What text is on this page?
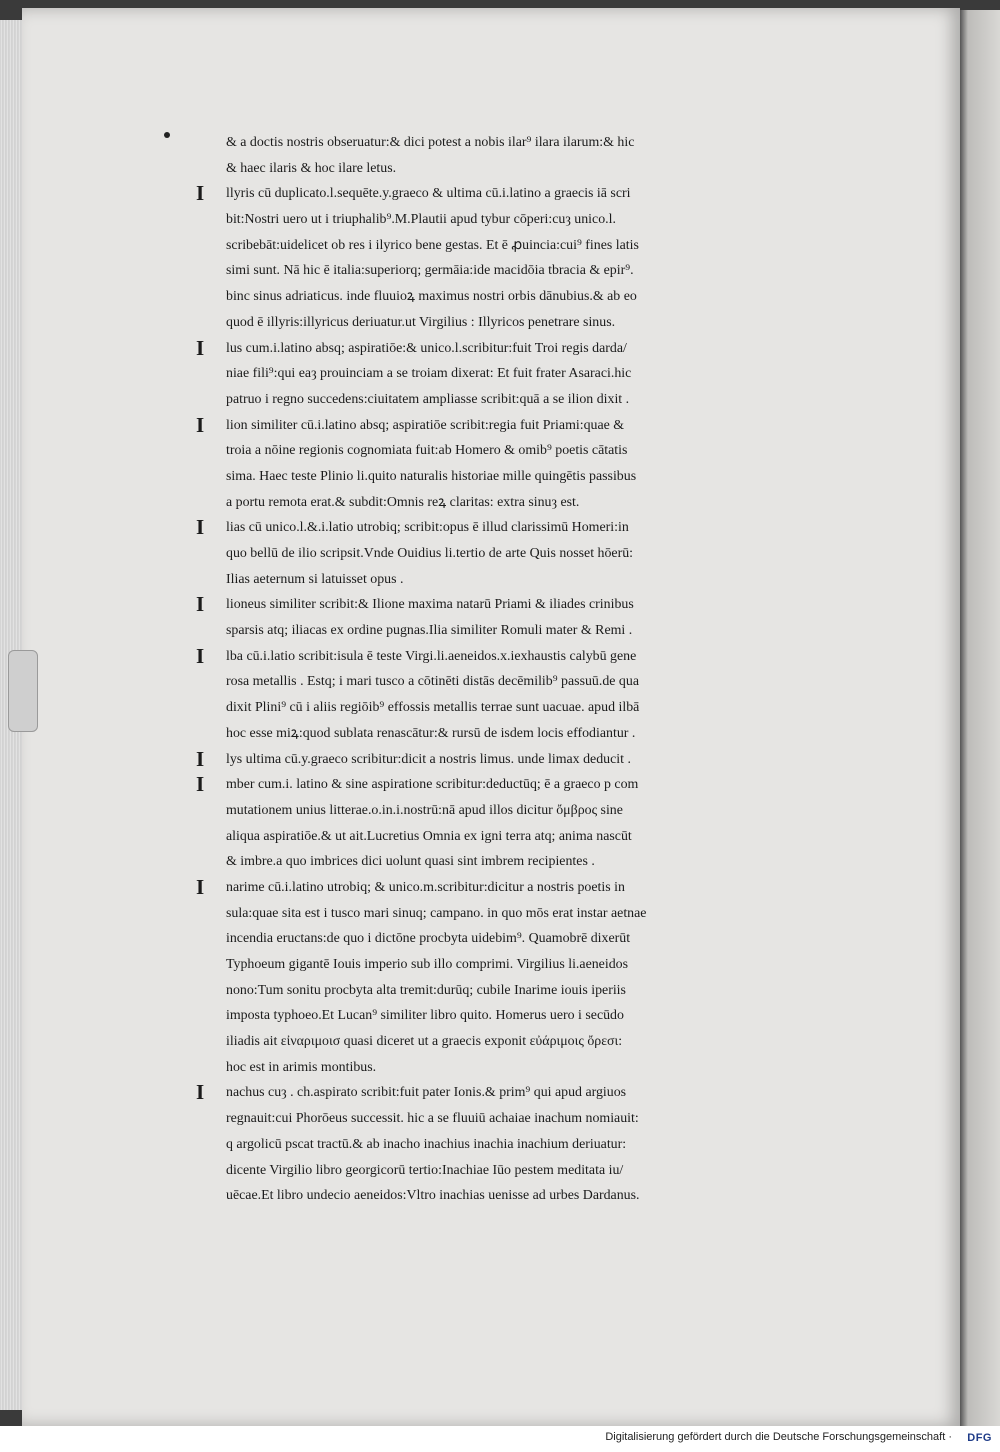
& a doctis nostris obseruatur:& dici potest a nobis ilar⁹ ilara ilarum:& hic
& haec ilaris & hoc ilare letus.
I	llyris cū duplicato.l.sequēte.y.graeco & ultima cū.i.latino a graecis iā scri
bit:Nostri uero ut i triuphalib⁹.M.Plautii apud tybur cōperi:cuȝ unico.l.
scribebāt:uidelicet ob res i ilyrico bene gestas. Et ē ꝓuincia:cui⁹ fines latis
simi sunt. Nā hic ē italia:superiorq; germāia:ide macidōia tbracia & epir⁹.
binc sinus adriaticus. inde fluuioꝝ maximus nostri orbis dānubius.& ab eo
quod ē illyris:illyricus deriuatur.ut Virgilius : Illyricos penetrare sinus.
I	lus cum.i.latino absq; aspiratiōe:& unico.l.scribitur:fuit Troi regis darda/
niae fili⁹:qui eaȝ prouinciam a se troiam dixerat: Et fuit frater Asaraci.hic
patruo i regno succedens:ciuitatem ampliasse scribit:quā a se ilion dixit .
I	lion similiter cū.i.latino absq; aspiratiōe scribit:regia fuit Priami:quae &
troia a nōine regionis cognomiata fuit:ab Homero & omib⁹ poetis cātatis
sima. Haec teste Plinio li.quito naturalis historiae mille quingētis passibus
a portu remota erat.& subdit:Omnis reꝝ claritas: extra sinuȝ est.
I	lias cū unico.l.&.i.latio utrobiq; scribit:opus ē illud clarissimū Homeri:in
quo bellū de ilio scripsit.Vnde Ouidius li.tertio de arte Quis nosset hōerū:
Ilias aeternum si latuisset opus .
I	lioneus similiter scribit:& Ilione maxima natarū Priami & iliades crinibus
sparsis atq; iliacas ex ordine pugnas.Ilia similiter Romuli mater & Remi .
I	lba cū.i.latio scribit:isula ē teste Virgi.li.aeneidos.x.iexhaustis calybū gene
rosa metallis . Estq; i mari tusco a cōtinēti distās decēmilib⁹ passuū.de qua
dixit Plini⁹ cū i aliis regiōib⁹ effossis metallis terrae sunt uacuae. apud ilbā
hoc esse miꝝ:quod sublata renascātur:& rursū de isdem locis effodiantur .
I	lys ultima cū.y.graeco scribitur:dicit a nostris limus. unde limax deducit .
I	mber cum.i. latino & sine aspiratione scribitur:deductūq; ē a graeco p com
mutationem unius litterae.o.in.i.nostrū:nā apud illos dicitur ὄμβρος sine
aliqua aspiratiōe.& ut ait.Lucretius Omnia ex igni terra atq; anima nascūt
& imbre.a quo imbrices dici uolunt quasi sint imbrem recipientes .
I	narime cū.i.latino utrobiq; & unico.m.scribitur:dicitur a nostris poetis in
sula:quae sita est i tusco mari sinuq; campano. in quo mōs erat instar aetnae
incendia eructans:de quo i dictōne procbyta uidebim⁹. Quamobrē dixerūt
Typhoeum gigantē Iouis imperio sub illo comprimi. Virgilius li.aeneidos
nono:Tum sonitu procbyta alta tremit:durūq; cubile Inarime iouis iperiis
imposta typhoeo.Et Lucan⁹ similiter libro quito. Homerus uero i secūdo
iliadis ait εἰναριμοισ quasi diceret ut a graecis exponit εὐάριμοις ὄρεσι:
hoc est in arimis montibus.
I	nachus cuȝ . ch.aspirato scribit:fuit pater Ionis.& prim⁹ qui apud argiuos
regnauit:cui Phorōeus successit. hic a se fluuiū achaiae inachum nomiauit:
q argolicū pscat tractū.& ab inacho inachius inachia inachium deriuatur:
dicente Virgilio libro georgicorū tertio:Inachiae Iūo pestem meditata iu/
uēcae.Et libro undecio aeneidos:Vltro inachias uenisse ad urbes Dardanus.
Digitalisierung gefördert durch die Deutsche Forschungsgemeinschaft · DFG
